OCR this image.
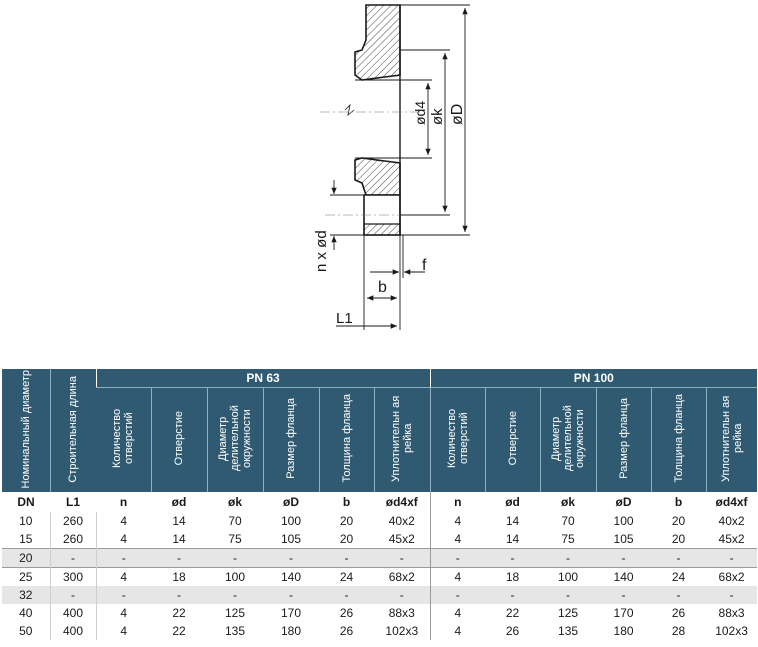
ød4 øk øD
n x ød	f
b
L1
Номинальный диаметр	Строительная длина	PN 63						PN 100					
		Количество отверстий	Отверстие	Диаметр делительной окружности	Размер фланца	Толщина фланца	Уплотнительн ая рейка	Количество отверстий	Отверстие	Диаметр делительной окружности	Размер фланца	Толщина фланца	Уплотнительн ая рейка
DN	L1	n	ød	øk	øD	b	ød4xf	n	ød	øk	øD	b	ød4xf
10	260	4	14	70	100	20	40x2	4	14	70	100	20	40x2
15	260	4	14	75	105	20	45x2	4	14	75	105	20	45x2
20	-	-	-	-	-	-	-	-	-	-	-	-	-
25	300	4	18	100	140	24	68x2	4	18	100	140	24	68x2
32	-	-	-	-	-	-	-	-	-	-	-	-	-
40	400	4	22	125	170	26	88x3	4	22	125	170	26	88x3
50	400	4	22	135	180	26	102x3	4	26	135	180	28	102x3
